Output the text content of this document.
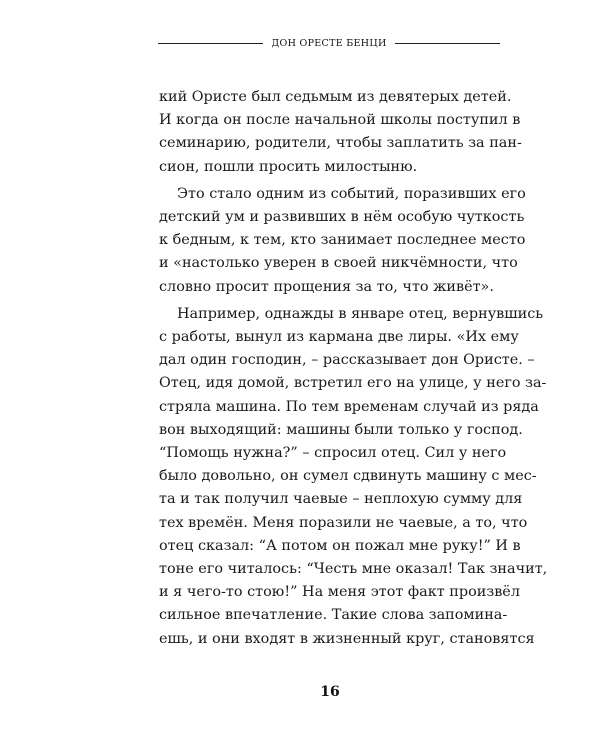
ДОН ОРЕСТЕ БЕНЦИ

кий Ористе был седьмым из девятерых детей.
И когда он после начальной школы поступил в
семинарию, родители, чтобы заплатить за пан-
сион, пошли просить милостыню.

Это стало одним из событий, поразивших его
детский ум и развивших в нём особую чуткость
к бедным, к тем, кто занимает последнее место
и «настолько уверен в своей никчёмности, что
словно просит прощения за то, что живёт».

Например, однажды в январе отец, вернувшись
с работы, вынул из кармана две лиры. «Их ему
дал один господин, – рассказывает дон Ористе. –
Отец, идя домой, встретил его на улице, у него за-
стряла машина. По тем временам случай из ряда
вон выходящий: машины были только у господ.
“Помощь нужна?” – спросил отец. Сил у него
было довольно, он сумел сдвинуть машину с мес-
та и так получил чаевые – неплохую сумму для
тех времён. Меня поразили не чаевые, а то, что
отец сказал: “А потом он пожал мне руку!” И в
тоне его читалось: “Честь мне оказал! Так значит,
и я чего-то стою!” На меня этот факт произвёл
сильное впечатление. Такие слова запомина-
ешь, и они входят в жизненный круг, становятся

16
